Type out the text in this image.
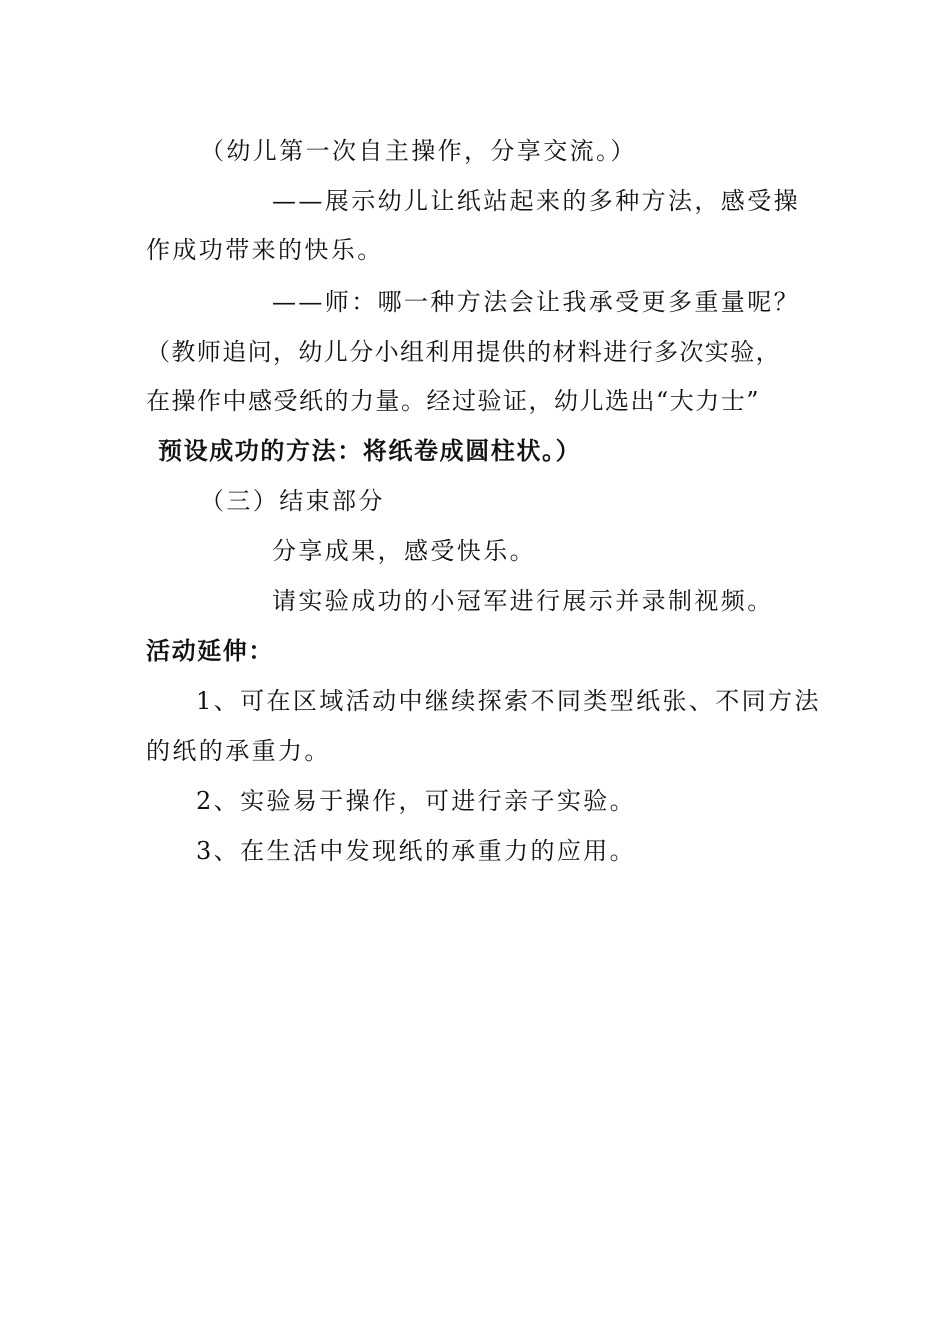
（幼儿第一次自主操作，分享交流。）
——展示幼儿让纸站起来的多种方法，感受操
作成功带来的快乐。
——师：哪一种方法会让我承受更多重量呢？
（教师追问，幼儿分小组利用提供的材料进行多次实验，
在操作中感受纸的力量。经过验证，幼儿选出“大力士”
预设成功的方法：将纸卷成圆柱状。）
（三）结束部分
分享成果，感受快乐。
请实验成功的小冠军进行展示并录制视频。
活动延伸：
1、可在区域活动中继续探索不同类型纸张、不同方法
的纸的承重力。
2、实验易于操作，可进行亲子实验。
3、在生活中发现纸的承重力的应用。
